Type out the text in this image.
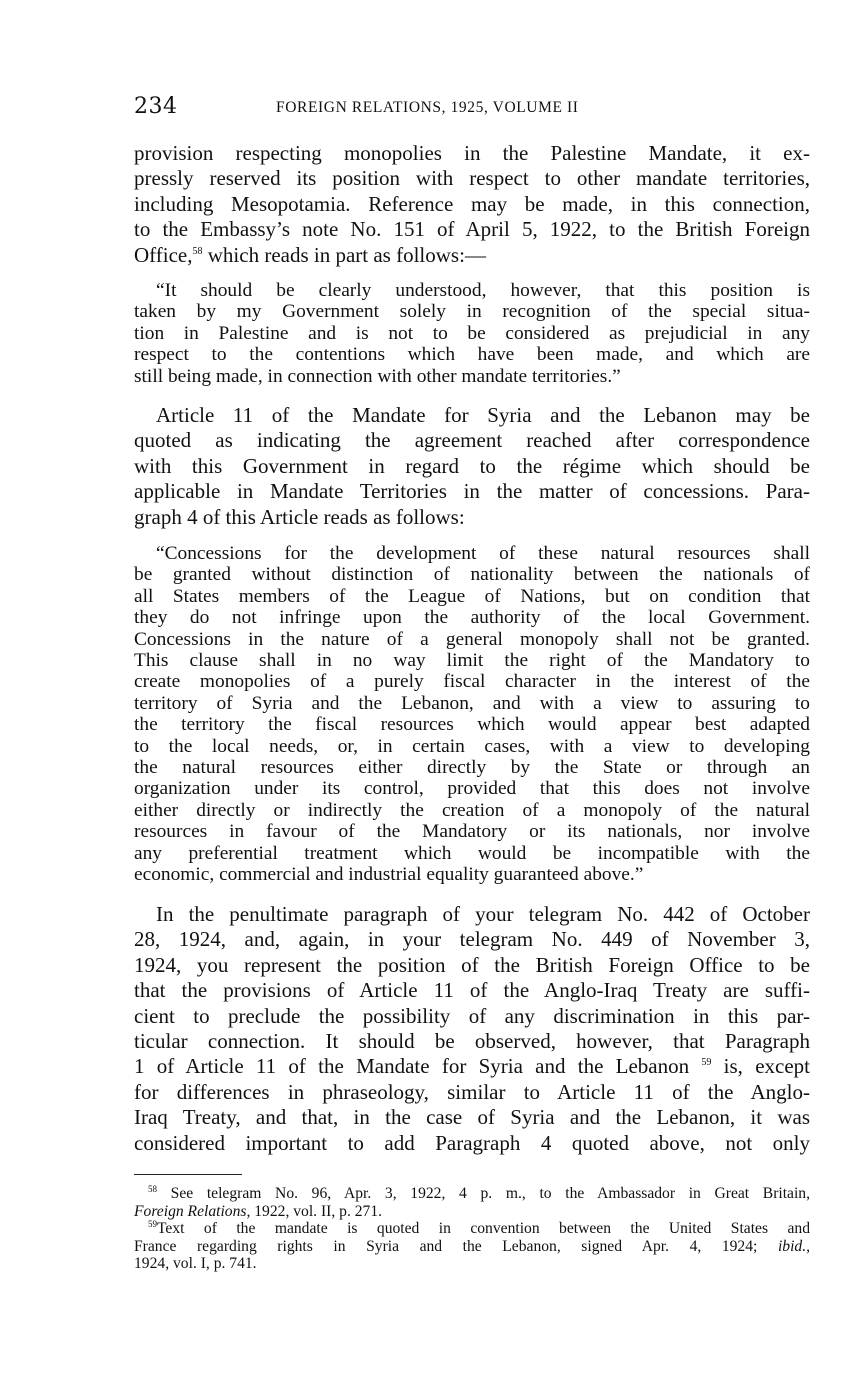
234	FOREIGN RELATIONS, 1925, VOLUME II
provision respecting monopolies in the Palestine Mandate, it ex-
pressly reserved its position with respect to other mandate territories,
including Mesopotamia. Reference may be made, in this connection,
to the Embassy’s note No. 151 of April 5, 1922, to the British Foreign
Office,$^{58}$ which reads in part as follows:—
“It should be clearly understood, however, that this position is
taken by my Government solely in recognition of the special situa-
tion in Palestine and is not to be considered as prejudicial in any
respect to the contentions which have been made, and which are
still being made, in connection with other mandate territories.”
Article 11 of the Mandate for Syria and the Lebanon may be
quoted as indicating the agreement reached after correspondence
with this Government in regard to the régime which should be
applicable in Mandate Territories in the matter of concessions. Para-
graph 4 of this Article reads as follows:
“Concessions for the development of these natural resources shall
be granted without distinction of nationality between the nationals of
all States members of the League of Nations, but on condition that
they do not infringe upon the authority of the local Government.
Concessions in the nature of a general monopoly shall not be granted.
This clause shall in no way limit the right of the Mandatory to
create monopolies of a purely fiscal character in the interest of the
territory of Syria and the Lebanon, and with a view to assuring to
the territory the fiscal resources which would appear best adapted
to the local needs, or, in certain cases, with a view to developing
the natural resources either directly by the State or through an
organization under its control, provided that this does not involve
either directly or indirectly the creation of a monopoly of the natural
resources in favour of the Mandatory or its nationals, nor involve
any preferential treatment which would be incompatible with the
economic, commercial and industrial equality guaranteed above.”
In the penultimate paragraph of your telegram No. 442 of October
28, 1924, and, again, in your telegram No. 449 of November 3,
1924, you represent the position of the British Foreign Office to be
that the provisions of Article 11 of the Anglo-Iraq Treaty are suffi-
cient to preclude the possibility of any discrimination in this par-
ticular connection. It should be observed, however, that Paragraph
1 of Article 11 of the Mandate for Syria and the Lebanon $^{59}$ is, except
for differences in phraseology, similar to Article 11 of the Anglo-
Iraq Treaty, and that, in the case of Syria and the Lebanon, it was
considered important to add Paragraph 4 quoted above, not only
$^{58}$ See telegram No. 96, Apr. 3, 1922, 4 p. m., to the Ambassador in Great Britain,
Foreign Relations, 1922, vol. II, p. 271.
$^{59}$Text of the mandate is quoted in convention between the United States and
France regarding rights in Syria and the Lebanon, signed Apr. 4, 1924; ibid.,
1924, vol. I, p. 741.
